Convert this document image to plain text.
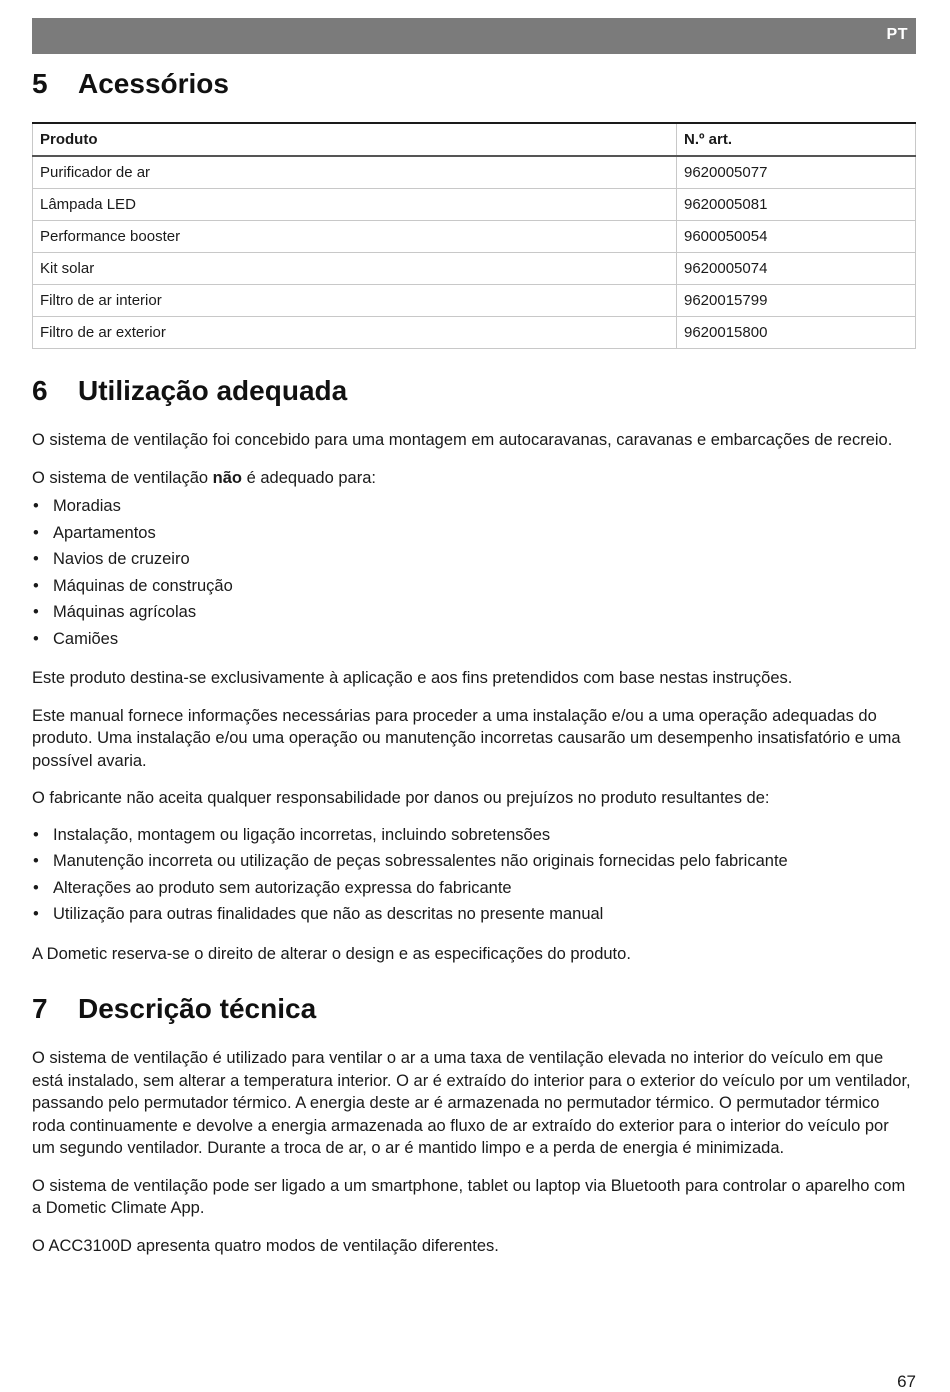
PT
5 Acessórios
Produto	N.º art.
Purificador de ar	9620005077
Lâmpada LED	9620005081
Performance booster	9600050054
Kit solar	9620005074
Filtro de ar interior	9620015799
Filtro de ar exterior	9620015800
6 Utilização adequada

O sistema de ventilação foi concebido para uma montagem em autocaravanas, caravanas e embarcações de recreio.

O sistema de ventilação não é adequado para:

• Moradias
• Apartamentos
• Navios de cruzeiro
• Máquinas de construção
• Máquinas agrícolas
• Camiões

Este produto destina-se exclusivamente à aplicação e aos fins pretendidos com base nestas instruções.

Este manual fornece informações necessárias para proceder a uma instalação e/ou a uma operação adequadas do produto. Uma instalação e/ou uma operação ou manutenção incorretas causarão um desempenho insatisfatório e uma possível avaria.

O fabricante não aceita qualquer responsabilidade por danos ou prejuízos no produto resultantes de:

• Instalação, montagem ou ligação incorretas, incluindo sobretensões
• Manutenção incorreta ou utilização de peças sobressalentes não originais fornecidas pelo fabricante
• Alterações ao produto sem autorização expressa do fabricante
• Utilização para outras finalidades que não as descritas no presente manual

A Dometic reserva-se o direito de alterar o design e as especificações do produto.

7 Descrição técnica

O sistema de ventilação é utilizado para ventilar o ar a uma taxa de ventilação elevada no interior do veículo em que está instalado, sem alterar a temperatura interior. O ar é extraído do interior para o exterior do veículo por um ventilador, passando pelo permutador térmico. A energia deste ar é armazenada no permutador térmico. O permutador térmico roda continuamente e devolve a energia armazenada ao fluxo de ar extraído do exterior para o interior do veículo por um segundo ventilador. Durante a troca de ar, o ar é mantido limpo e a perda de energia é minimizada.

O sistema de ventilação pode ser ligado a um smartphone, tablet ou laptop via Bluetooth para controlar o aparelho com a Dometic Climate App.

O ACC3100D apresenta quatro modos de ventilação diferentes.

67
